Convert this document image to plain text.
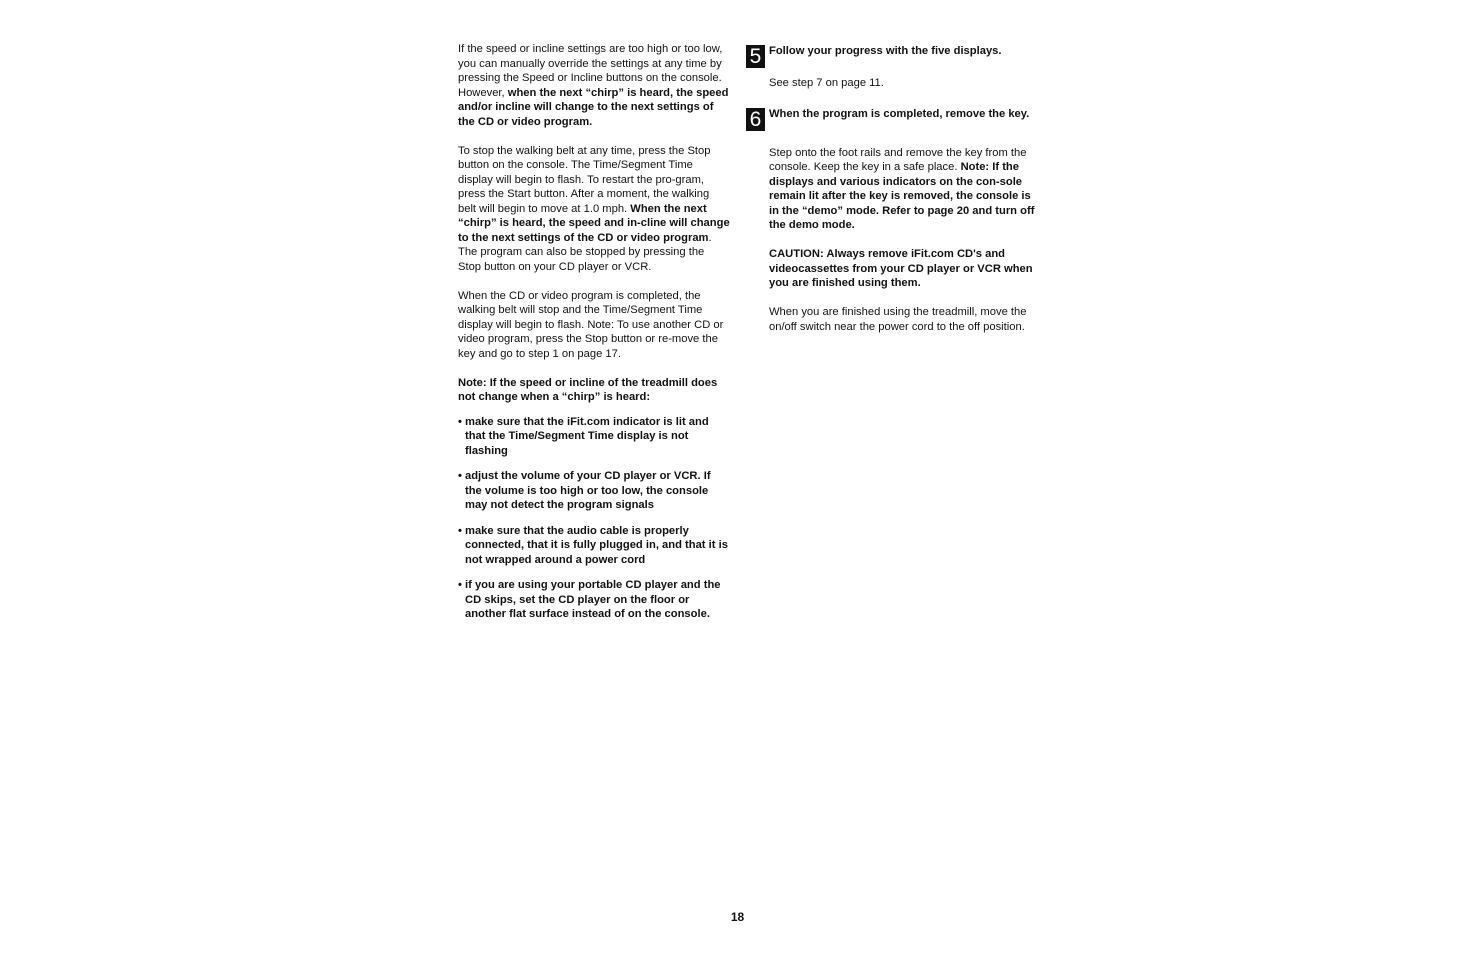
If the speed or incline settings are too high or too low, you can manually override the settings at any time by pressing the Speed or Incline buttons on the console. However, when the next “chirp” is heard, the speed and/or incline will change to the next settings of the CD or video program.

To stop the walking belt at any time, press the Stop button on the console. The Time/Segment Time display will begin to flash. To restart the pro-gram, press the Start button. After a moment, the walking belt will begin to move at 1.0 mph. When the next “chirp” is heard, the speed and in-cline will change to the next settings of the CD or video program. The program can also be stopped by pressing the Stop button on your CD player or VCR.

When the CD or video program is completed, the walking belt will stop and the Time/Segment Time display will begin to flash. Note: To use another CD or video program, press the Stop button or re-move the key and go to step 1 on page 17.

Note: If the speed or incline of the treadmill does not change when a “chirp” is heard:

• make sure that the iFit.com indicator is lit and that the Time/Segment Time display is not flashing
• adjust the volume of your CD player or VCR. If the volume is too high or too low, the console may not detect the program signals
• make sure that the audio cable is properly connected, that it is fully plugged in, and that it is not wrapped around a power cord
• if you are using your portable CD player and the CD skips, set the CD player on the floor or another flat surface instead of on the console.
5 Follow your progress with the five displays.

See step 7 on page 11.

6 When the program is completed, remove the key.

Step onto the foot rails and remove the key from the console. Keep the key in a safe place. Note: If the displays and various indicators on the con-sole remain lit after the key is removed, the console is in the “demo” mode. Refer to page 20 and turn off the demo mode.

CAUTION: Always remove iFit.com CD's and videocassettes from your CD player or VCR when you are finished using them.

When you are finished using the treadmill, move the on/off switch near the power cord to the off position.

18
